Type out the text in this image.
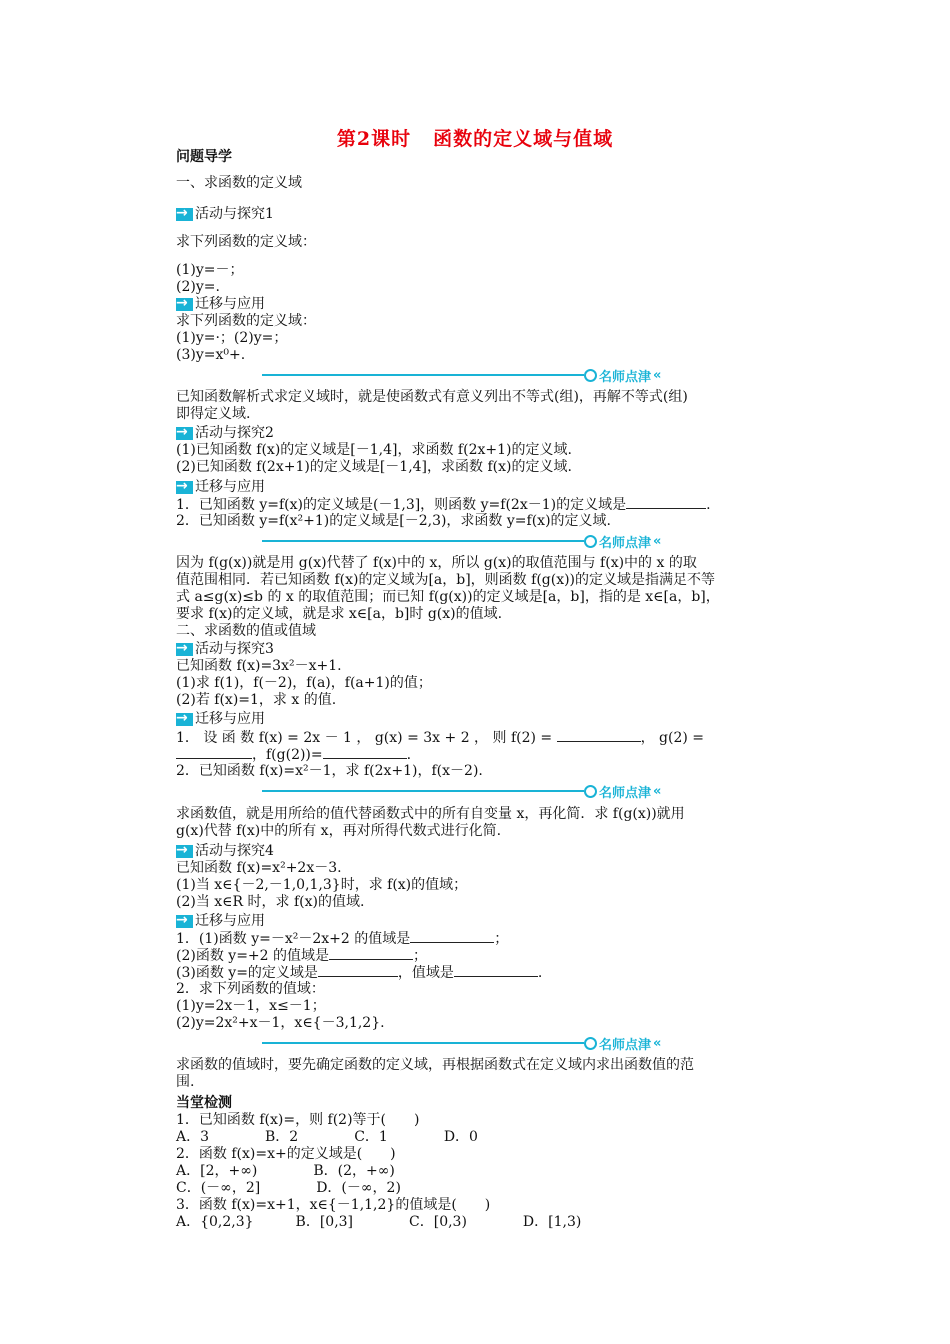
第2课时 函数的定义域与值域
问题导学
一、求函数的定义域
→
活动与探究1
求下列函数的定义域：
(1)y=－；
(2)y=.
→
迁移与应用
求下列函数的定义域：
(1)y=·；(2)y=；
(3)y=x⁰+.
名师点津 «
已知函数解析式求定义域时，就是使函数式有意义列出不等式(组)，再解不等式(组)
即得定义域.
→
活动与探究2
(1)已知函数 f(x)的定义域是[－1,4]，求函数 f(2x+1)的定义域.
(2)已知函数 f(2x+1)的定义域是[－1,4]，求函数 f(x)的定义域.
→
迁移与应用
1．已知函数 y=f(x)的定义域是(－1,3]，则函数 y=f(2x－1)的定义域是	.
2．已知函数 y=f(x²+1)的定义域是[－2,3)，求函数 y=f(x)的定义域.
名师点津 «
因为 f(g(x))就是用 g(x)代替了 f(x)中的 x，所以 g(x)的取值范围与 f(x)中的 x 的取
值范围相同．若已知函数 f(x)的定义域为[a，b]，则函数 f(g(x))的定义域是指满足不等
式 a≤g(x)≤b 的 x 的取值范围；而已知 f(g(x))的定义域是[a，b]，指的是 x∈[a，b]，
要求 f(x)的定义域，就是求 x∈[a，b]时 g(x)的值域.
二、求函数的值或值域
→
活动与探究3
已知函数 f(x)=3x²－x+1.
(1)求 f(1)，f(－2)，f(a)，f(a+1)的值；
(2)若 f(x)=1，求 x 的值.
→
迁移与应用
1． 设 函 数 f(x) = 2x － 1 ， g(x) = 3x + 2 ， 则 f(2) =	， g(2) =
，f(g(2))=	.
2．已知函数 f(x)=x²－1，求 f(2x+1)，f(x－2).
名师点津 «
求函数值，就是用所给的值代替函数式中的所有自变量 x，再化简．求 f(g(x))就用
g(x)代替 f(x)中的所有 x，再对所得代数式进行化简.
→
活动与探究4
已知函数 f(x)=x²+2x－3.
(1)当 x∈{－2,－1,0,1,3}时，求 f(x)的值域；
(2)当 x∈R 时，求 f(x)的值域.
→
迁移与应用
1．(1)函数 y=－x²－2x+2 的值域是	；
(2)函数 y=+2 的值域是	；
(3)函数 y=的定义域是	，值域是	.
2．求下列函数的值域：
(1)y=2x－1，x≤－1；
(2)y=2x²+x－1，x∈{－3,1,2}.
名师点津 «
求函数的值域时，要先确定函数的定义域，再根据函数式在定义域内求出函数值的范
围.
当堂检测
1．已知函数 f(x)=，则 f(2)等于(　　)
A．3　　　　B．2　　　　C．1　　　　D．0
2．函数 f(x)=x+的定义域是(　　)
A．[2，+∞)　　　　B．(2，+∞)
C．(－∞，2]　　　　D．(－∞，2)
3．函数 f(x)=x+1，x∈{－1,1,2}的值域是(　　)
A．{0,2,3}　　　B．[0,3]　　　　C．[0,3)　　　　D．[1,3)
